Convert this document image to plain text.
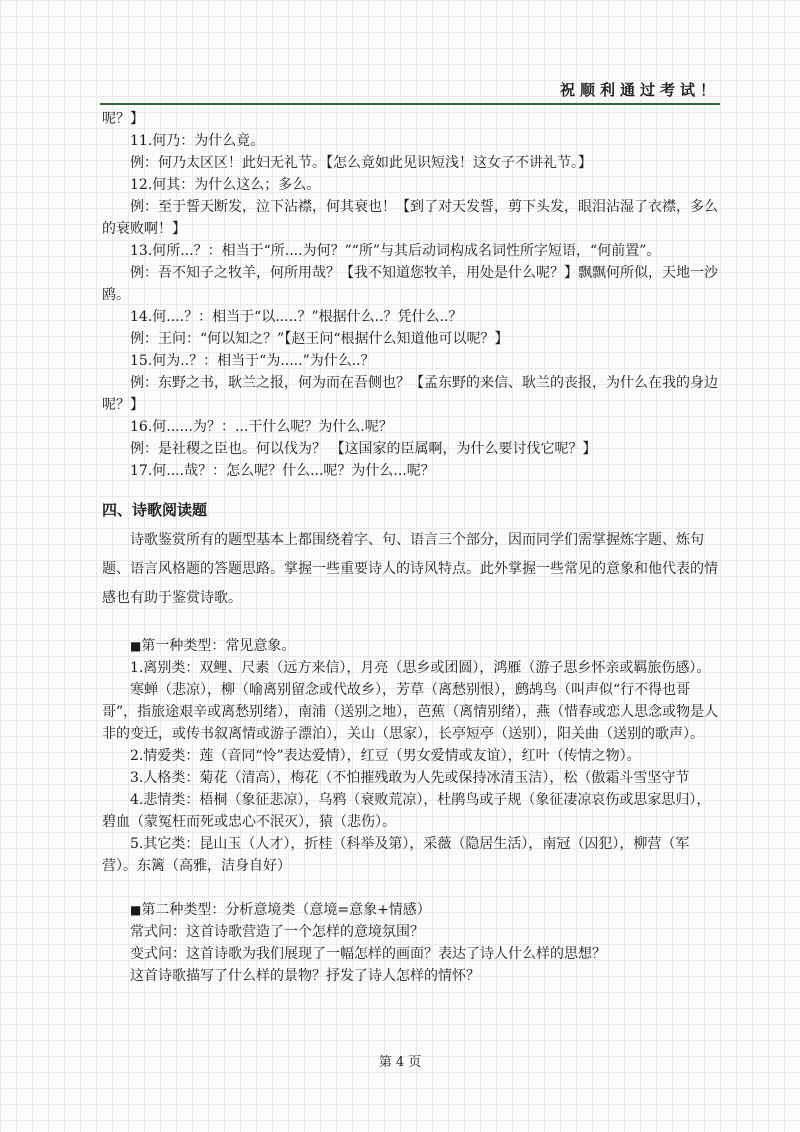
祝顺利通过考试！

呢？】

11.何乃：为什么竟。

例：何乃太区区！此妇无礼节。【怎么竟如此见识短浅！这女子不讲礼节。】

12.何其：为什么这么；多么。

例：至于誓天断发，泣下沾襟，何其衰也！【到了对天发誓，剪下头发，眼泪沾湿了衣襟，多么的衰败啊！】

13.何所...？：相当于“所....为何？”“所”与其后动词构成名词性所字短语，“何前置”。

例：吾不知子之牧羊，何所用哉？【我不知道您牧羊，用处是什么呢？】飘飘何所似，天地一沙鸥。

14.何....？：相当于“以.....？”根据什么..？凭什么..？

例：王问：“何以知之？”【赵王问“根据什么知道他可以呢？】

15.何为..？：相当于“为.....”为什么..？

例：东野之书，耿兰之报，何为而在吾侧也？【孟东野的来信、耿兰的丧报，为什么在我的身边呢？】

16.何......为？：...干什么呢？为什么.呢？

例：是社稷之臣也。何以伐为？ 【这国家的臣属啊，为什么要讨伐它呢？】

17.何....哉？：怎么呢？什么...呢？为什么...呢？

四、诗歌阅读题

诗歌鉴赏所有的题型基本上都围绕着字、句、语言三个部分，因而同学们需掌握炼字题、炼句题、语言风格题的答题思路。掌握一些重要诗人的诗风特点。此外掌握一些常见的意象和他代表的情感也有助于鉴赏诗歌。

■第一种类型：常见意象。

1.离别类：双鲤、尺素（远方来信），月亮（思乡或团圆），鸿雁（游子思乡怀亲或羁旅伤感）。

寒蝉（悲凉），柳（喻离别留念或代故乡），芳草（离愁别恨），鹧鸪鸟（叫声似“行不得也哥哥”，指旅途艰辛或离愁别绪），南浦（送别之地），芭蕉（离情别绪），燕（惜春或恋人思念或物是人非的变迁，或传书叙离情或游子漂泊），关山（思家），长亭短亭（送别），阳关曲（送别的歌声）。

2.情爱类：莲（音同“怜”表达爱情），红豆（男女爱情或友谊），红叶（传情之物）。

3.人格类：菊花（清高），梅花（不怕摧残敢为人先或保持冰清玉洁），松（傲霜斗雪坚守节

4.悲情类：梧桐（象征悲凉），乌鸦（衰败荒凉），杜鹃鸟或子规（象征凄凉哀伤或思家思归），碧血（蒙冤枉而死或忠心不泯灭），猿（悲伤）。

5.其它类：昆山玉（人才），折桂（科举及第），采薇（隐居生活），南冠（囚犯），柳营（军营）。东篱（高雅，洁身自好）

■第二种类型：分析意境类（意境=意象+情感）

常式问：这首诗歌营造了一个怎样的意境氛围？

变式问：这首诗歌为我们展现了一幅怎样的画面？表达了诗人什么样的思想？

这首诗歌描写了什么样的景物？抒发了诗人怎样的情怀？

第 4 页
